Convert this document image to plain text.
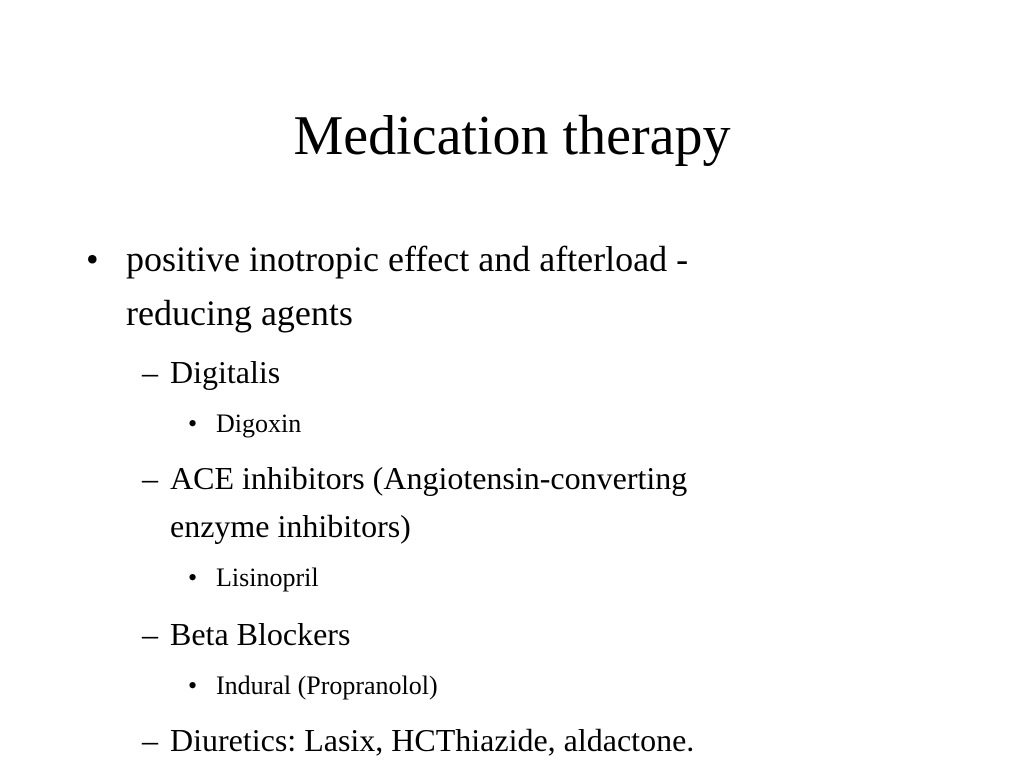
Medication therapy
• positive inotropic effect and afterload -
reducing agents
– Digitalis
• Digoxin
– ACE inhibitors (Angiotensin-converting
enzyme inhibitors)
• Lisinopril
– Beta Blockers
• Indural (Propranolol)
– Diuretics: Lasix, HCThiazide, aldactone.
